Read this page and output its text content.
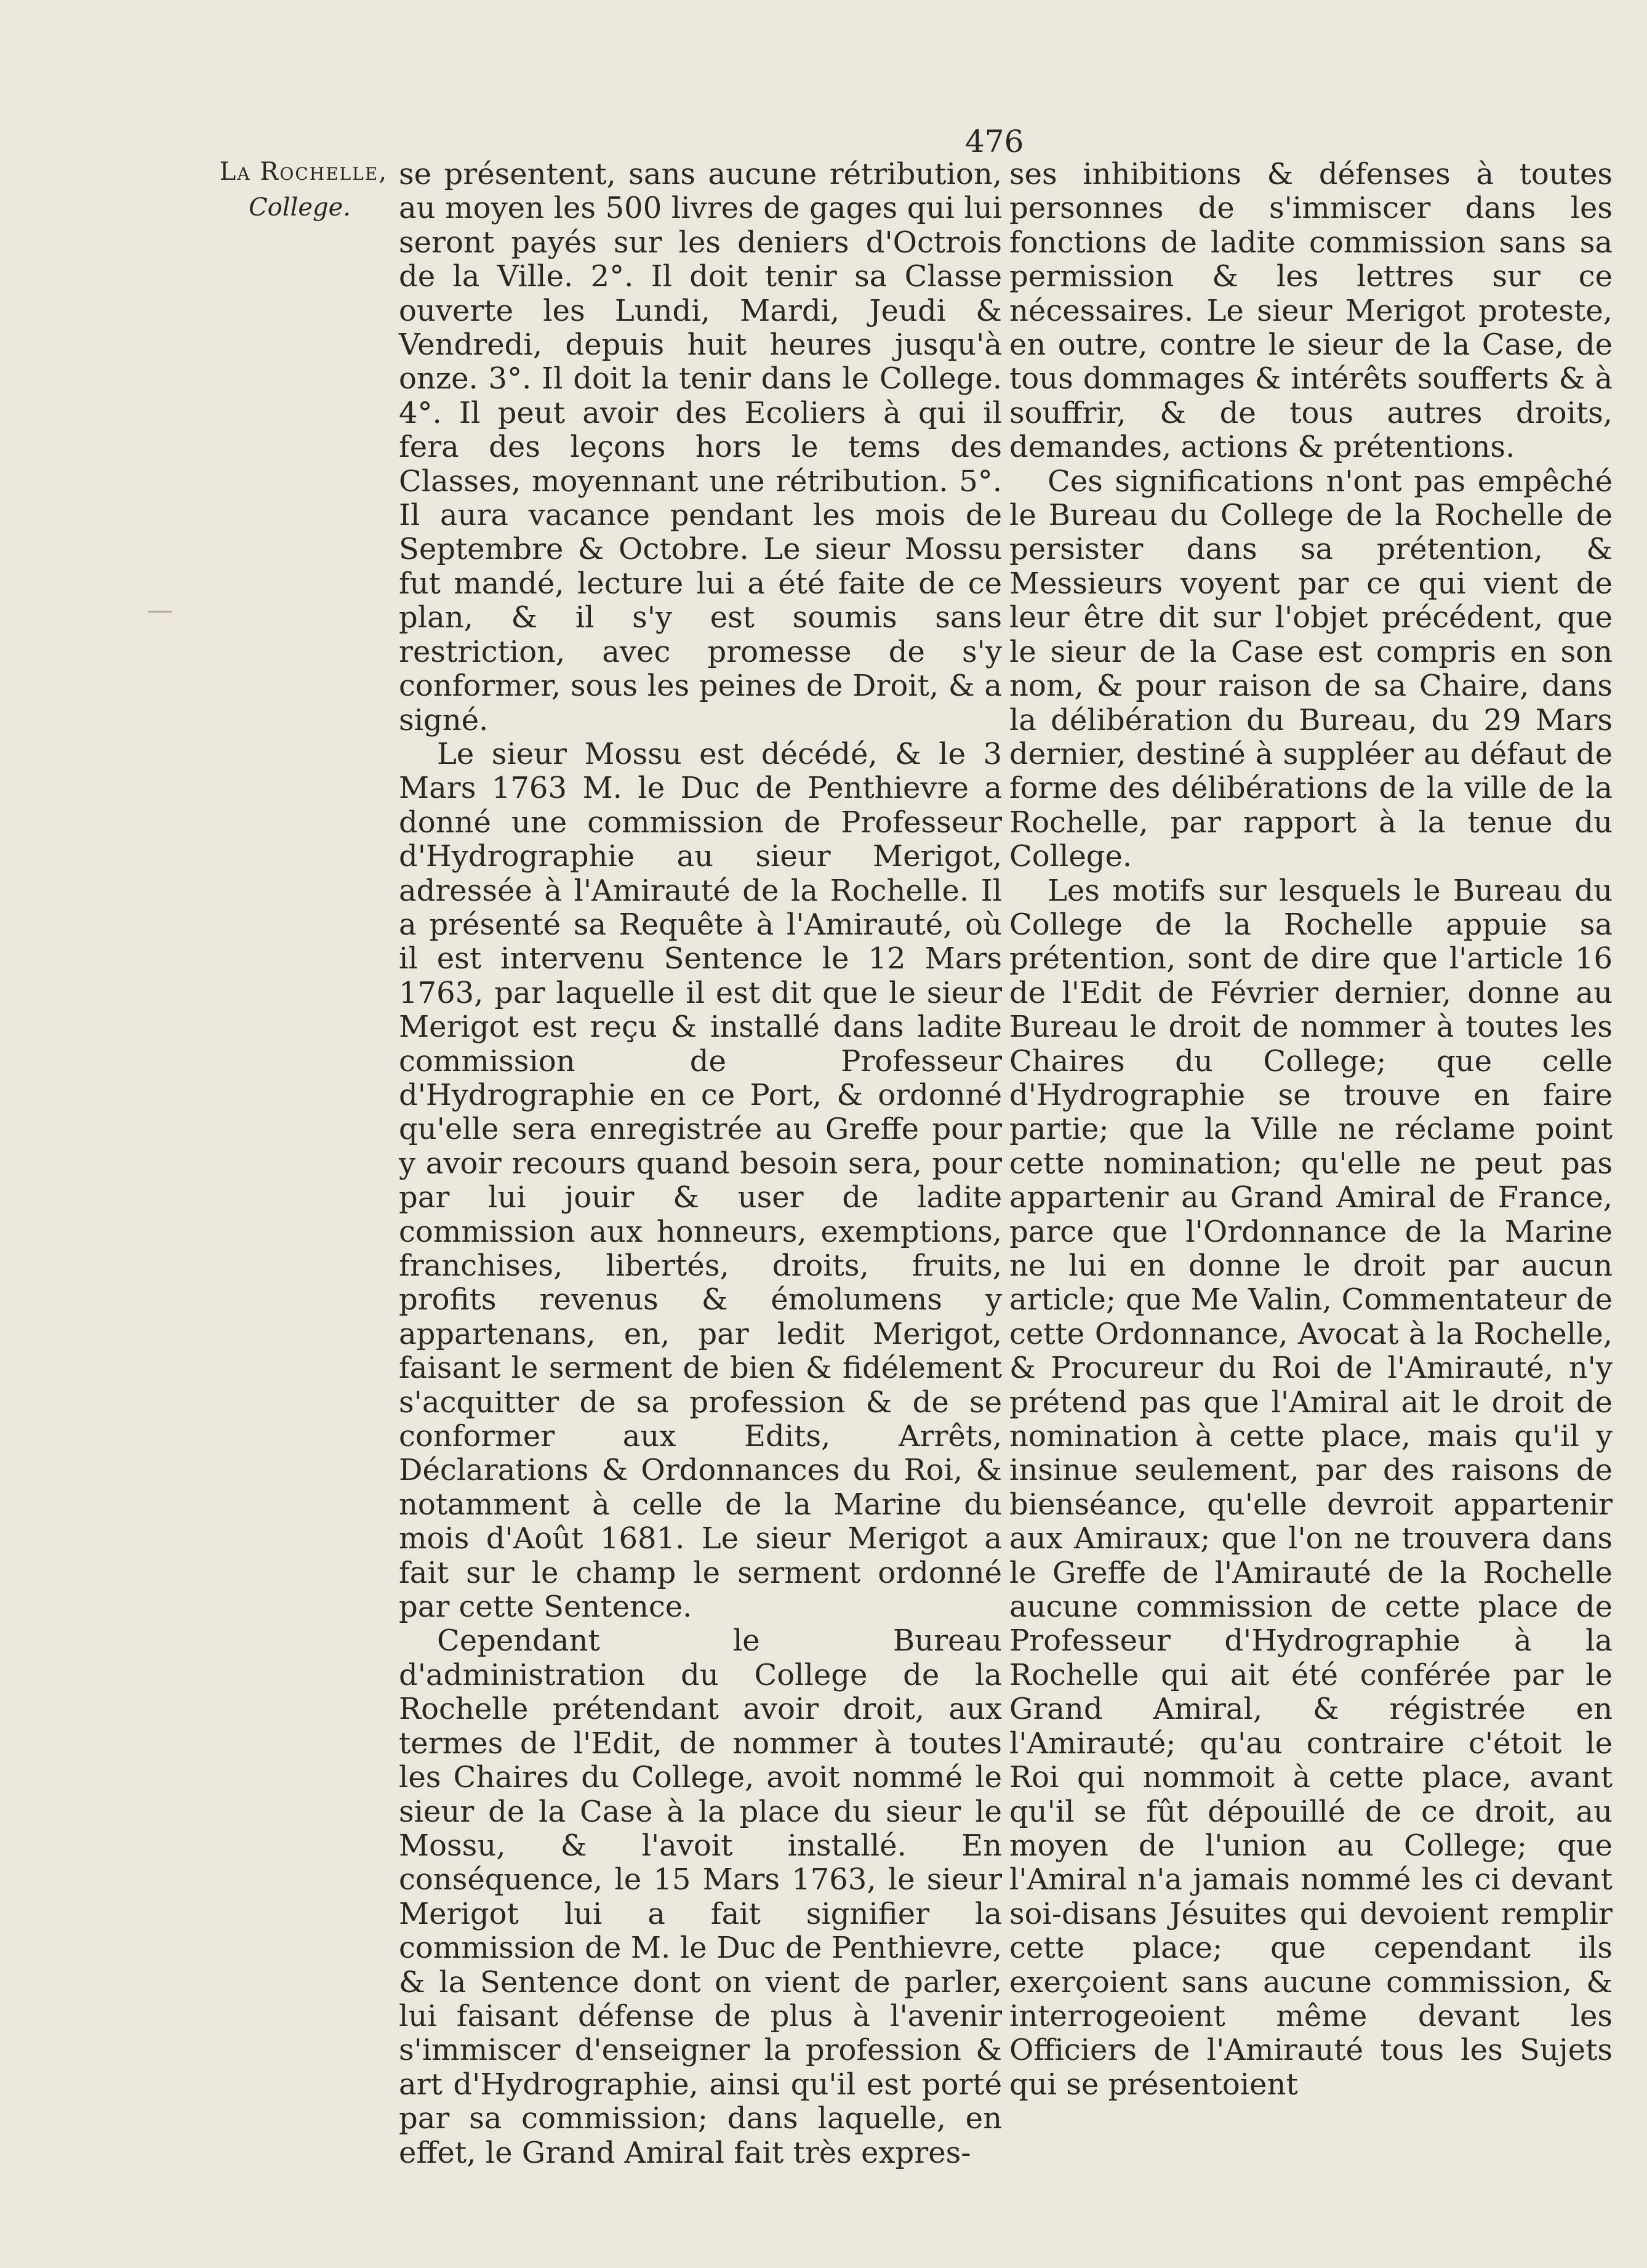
476
La Rochelle,
College.

se présentent, sans aucune rétribution, au moyen les 500 livres de gages qui lui seront payés sur les deniers d'Octrois de la Ville. 2°. Il doit tenir sa Classe ouverte les Lundi, Mardi, Jeudi & Vendredi, depuis huit heures jusqu'à onze. 3°. Il doit la tenir dans le College. 4°. Il peut avoir des Ecoliers à qui il fera des leçons hors le tems des Classes, moyennant une rétribution. 5°. Il aura vacance pendant les mois de Septembre & Octobre. Le sieur Mossu fut mandé, lecture lui a été faite de ce plan, & il s'y est soumis sans restriction, avec promesse de s'y conformer, sous les peines de Droit, & a signé.

Le sieur Mossu est décédé, & le 3 Mars 1763 M. le Duc de Penthievre a donné une commission de Professeur d'Hydrographie au sieur Merigot, adressée à l'Amirauté de la Rochelle. Il a présenté sa Requête à l'Amirauté, où il est intervenu Sentence le 12 Mars 1763, par laquelle il est dit que le sieur Merigot est reçu & installé dans ladite commission de Professeur d'Hydrographie en ce Port, & ordonné qu'elle sera enregistrée au Greffe pour y avoir recours quand besoin sera, pour par lui jouir & user de ladite commission aux honneurs, exemptions, franchises, libertés, droits, fruits, profits revenus & émolumens y appartenans, en, par ledit Merigot, faisant le serment de bien & fidélement s'acquitter de sa profession & de se conformer aux Edits, Arrêts, Déclarations & Ordonnances du Roi, & notamment à celle de la Marine du mois d'Août 1681. Le sieur Merigot a fait sur le champ le serment ordonné par cette Sentence.

Cependant le Bureau d'administration du College de la Rochelle prétendant avoir droit, aux termes de l'Edit, de nommer à toutes les Chaires du College, avoit nommé le sieur de la Case à la place du sieur le Mossu, & l'avoit installé. En conséquence, le 15 Mars 1763, le sieur Merigot lui a fait signifier la commission de M. le Duc de Penthievre, & la Sentence dont on vient de parler, lui faisant défense de plus à l'avenir s'immiscer d'enseigner la profession & art d'Hydrographie, ainsi qu'il est porté par sa commission; dans laquelle, en effet, le Grand Amiral fait très expres-

ses inhibitions & défenses à toutes personnes de s'immiscer dans les fonctions de ladite commission sans sa permission & les lettres sur ce nécessaires. Le sieur Merigot proteste, en outre, contre le sieur de la Case, de tous dommages & intérêts soufferts & à souffrir, & de tous autres droits, demandes, actions & prétentions.

Ces significations n'ont pas empêché le Bureau du College de la Rochelle de persister dans sa prétention, & Messieurs voyent par ce qui vient de leur être dit sur l'objet précédent, que le sieur de la Case est compris en son nom, & pour raison de sa Chaire, dans la délibération du Bureau, du 29 Mars dernier, destiné à suppléer au défaut de forme des délibérations de la ville de la Rochelle, par rapport à la tenue du College.

Les motifs sur lesquels le Bureau du College de la Rochelle appuie sa prétention, sont de dire que l'article 16 de l'Edit de Février dernier, donne au Bureau le droit de nommer à toutes les Chaires du College; que celle d'Hydrographie se trouve en faire partie; que la Ville ne réclame point cette nomination; qu'elle ne peut pas appartenir au Grand Amiral de France, parce que l'Ordonnance de la Marine ne lui en donne le droit par aucun article; que Me Valin, Commentateur de cette Ordonnance, Avocat à la Rochelle, & Procureur du Roi de l'Amirauté, n'y prétend pas que l'Amiral ait le droit de nomination à cette place, mais qu'il y insinue seulement, par des raisons de bienséance, qu'elle devroit appartenir aux Amiraux; que l'on ne trouvera dans le Greffe de l'Amirauté de la Rochelle aucune commission de cette place de Professeur d'Hydrographie à la Rochelle qui ait été conférée par le Grand Amiral, & régistrée en l'Amirauté; qu'au contraire c'étoit le Roi qui nommoit à cette place, avant qu'il se fût dépouillé de ce droit, au moyen de l'union au College; que l'Amiral n'a jamais nommé les ci devant soi-disans Jésuites qui devoient remplir cette place; que cependant ils exerçoient sans aucune commission, & interrogeoient même devant les Officiers de l'Amirauté tous les Sujets qui se présentoient
